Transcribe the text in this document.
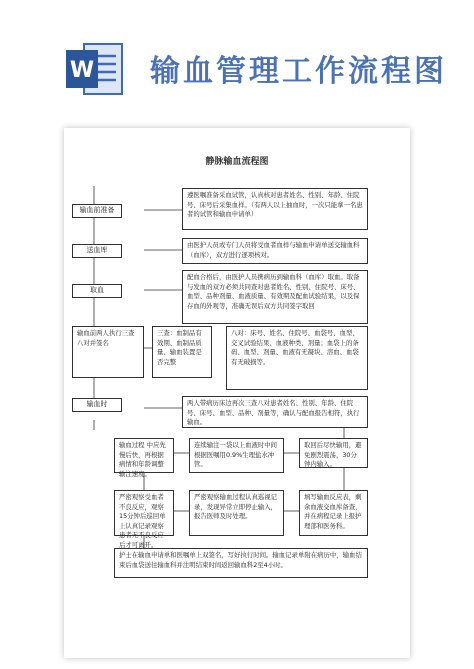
W 输血管理工作流程图
静脉输血流程图
输血前准备
遵医嘱准备采血试管，认真核对患者姓名、性别、年龄、住院号、床号后采集血样。（有两人以上抽血时，一次只能拿一名患者的试管和输血申请单）
送血库
由医护人员或专门人员将受血者血样与输血申请单送交输血科（血库），双方进行逐项核对。
取血
配血合格后，由医护人员携病历到输血科（血库）取血。取备与发血的双方必须共同查对患者姓名、性别、住院号、床号、血型、品种剂量、血液质量、有效期及配血试验结果，以及保存血的外观等，准确无误后双方共同签字取回
输血前两人执行三查八对并签名
三查：血制品有效期、血制品质量、输血装置是否完整
八对：床号、姓名、住院号、血袋号、血型、交叉试验结果、血液种类、剂量；血袋上的条码、血型、剂量、血液有无凝块、溶血、血袋有无破损等。
输血时	两人带病历床边再次三查八对患者姓名、性别、年龄、住院号、床号、血型、品种、剂量等，确认与配血报告相符，执行输血。
输血过程 中应先慢后快，再根据病情和年龄调整输注速度。
连续输注一袋以上血液时中间根据医嘱用0.9%生理盐水冲管。
取回后尽快输用，避免剧烈震荡，30分钟内输入。
严密观察受血者不良反应，观察15分钟后巡回单上认真记录观察患者无不良反应后才可离开。
严密观察输血过程认真巡视记录，发现异常立即停止输入，报告医师及时处理。
填写输血反应表，剩余血液交血库备查，并在病程记录上报护理部和医务科。
护士在输血申请单和医嘱单上双签名，写好执行时间。输血记录单附在病历中，输血结束后血袋送往输血科并注明结束时间返回输血科2至4小时。
